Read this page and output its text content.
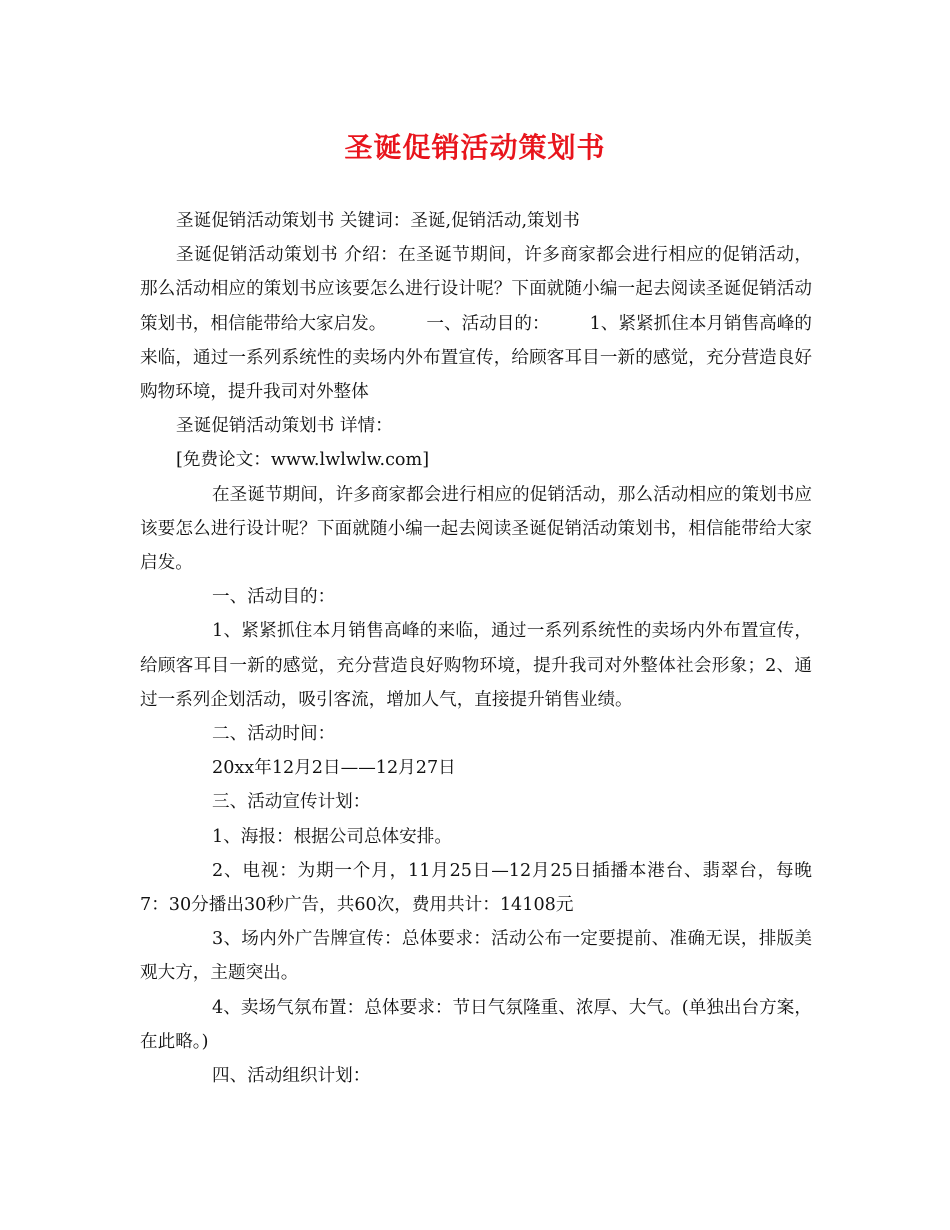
圣诞促销活动策划书

圣诞促销活动策划书 关键词：圣诞,促销活动,策划书

圣诞促销活动策划书 介绍：在圣诞节期间，许多商家都会进行相应的促销活动，那么活动相应的策划书应该要怎么进行设计呢？下面就随小编一起去阅读圣诞促销活动策划书，相信能带给大家启发。 一、活动目的： 1、紧紧抓住本月销售高峰的来临，通过一系列系统性的卖场内外布置宣传，给顾客耳目一新的感觉，充分营造良好购物环境，提升我司对外整体

圣诞促销活动策划书 详情：

[免费论文：www.lwlwlw.com]

在圣诞节期间，许多商家都会进行相应的促销活动，那么活动相应的策划书应该要怎么进行设计呢？下面就随小编一起去阅读圣诞促销活动策划书，相信能带给大家启发。

一、活动目的：

1、紧紧抓住本月销售高峰的来临，通过一系列系统性的卖场内外布置宣传，给顾客耳目一新的感觉，充分营造良好购物环境，提升我司对外整体社会形象；2、通过一系列企划活动，吸引客流，增加人气，直接提升销售业绩。

二、活动时间：

20xx年12月2日——12月27日

三、活动宣传计划：

1、海报：根据公司总体安排。

2、电视：为期一个月，11月25日—12月25日插播本港台、翡翠台，每晚7：30分播出30秒广告，共60次，费用共计：14108元

3、场内外广告牌宣传：总体要求：活动公布一定要提前、准确无误，排版美观大方，主题突出。

4、卖场气氛布置：总体要求：节日气氛隆重、浓厚、大气。(单独出台方案，在此略。)

四、活动组织计划：
